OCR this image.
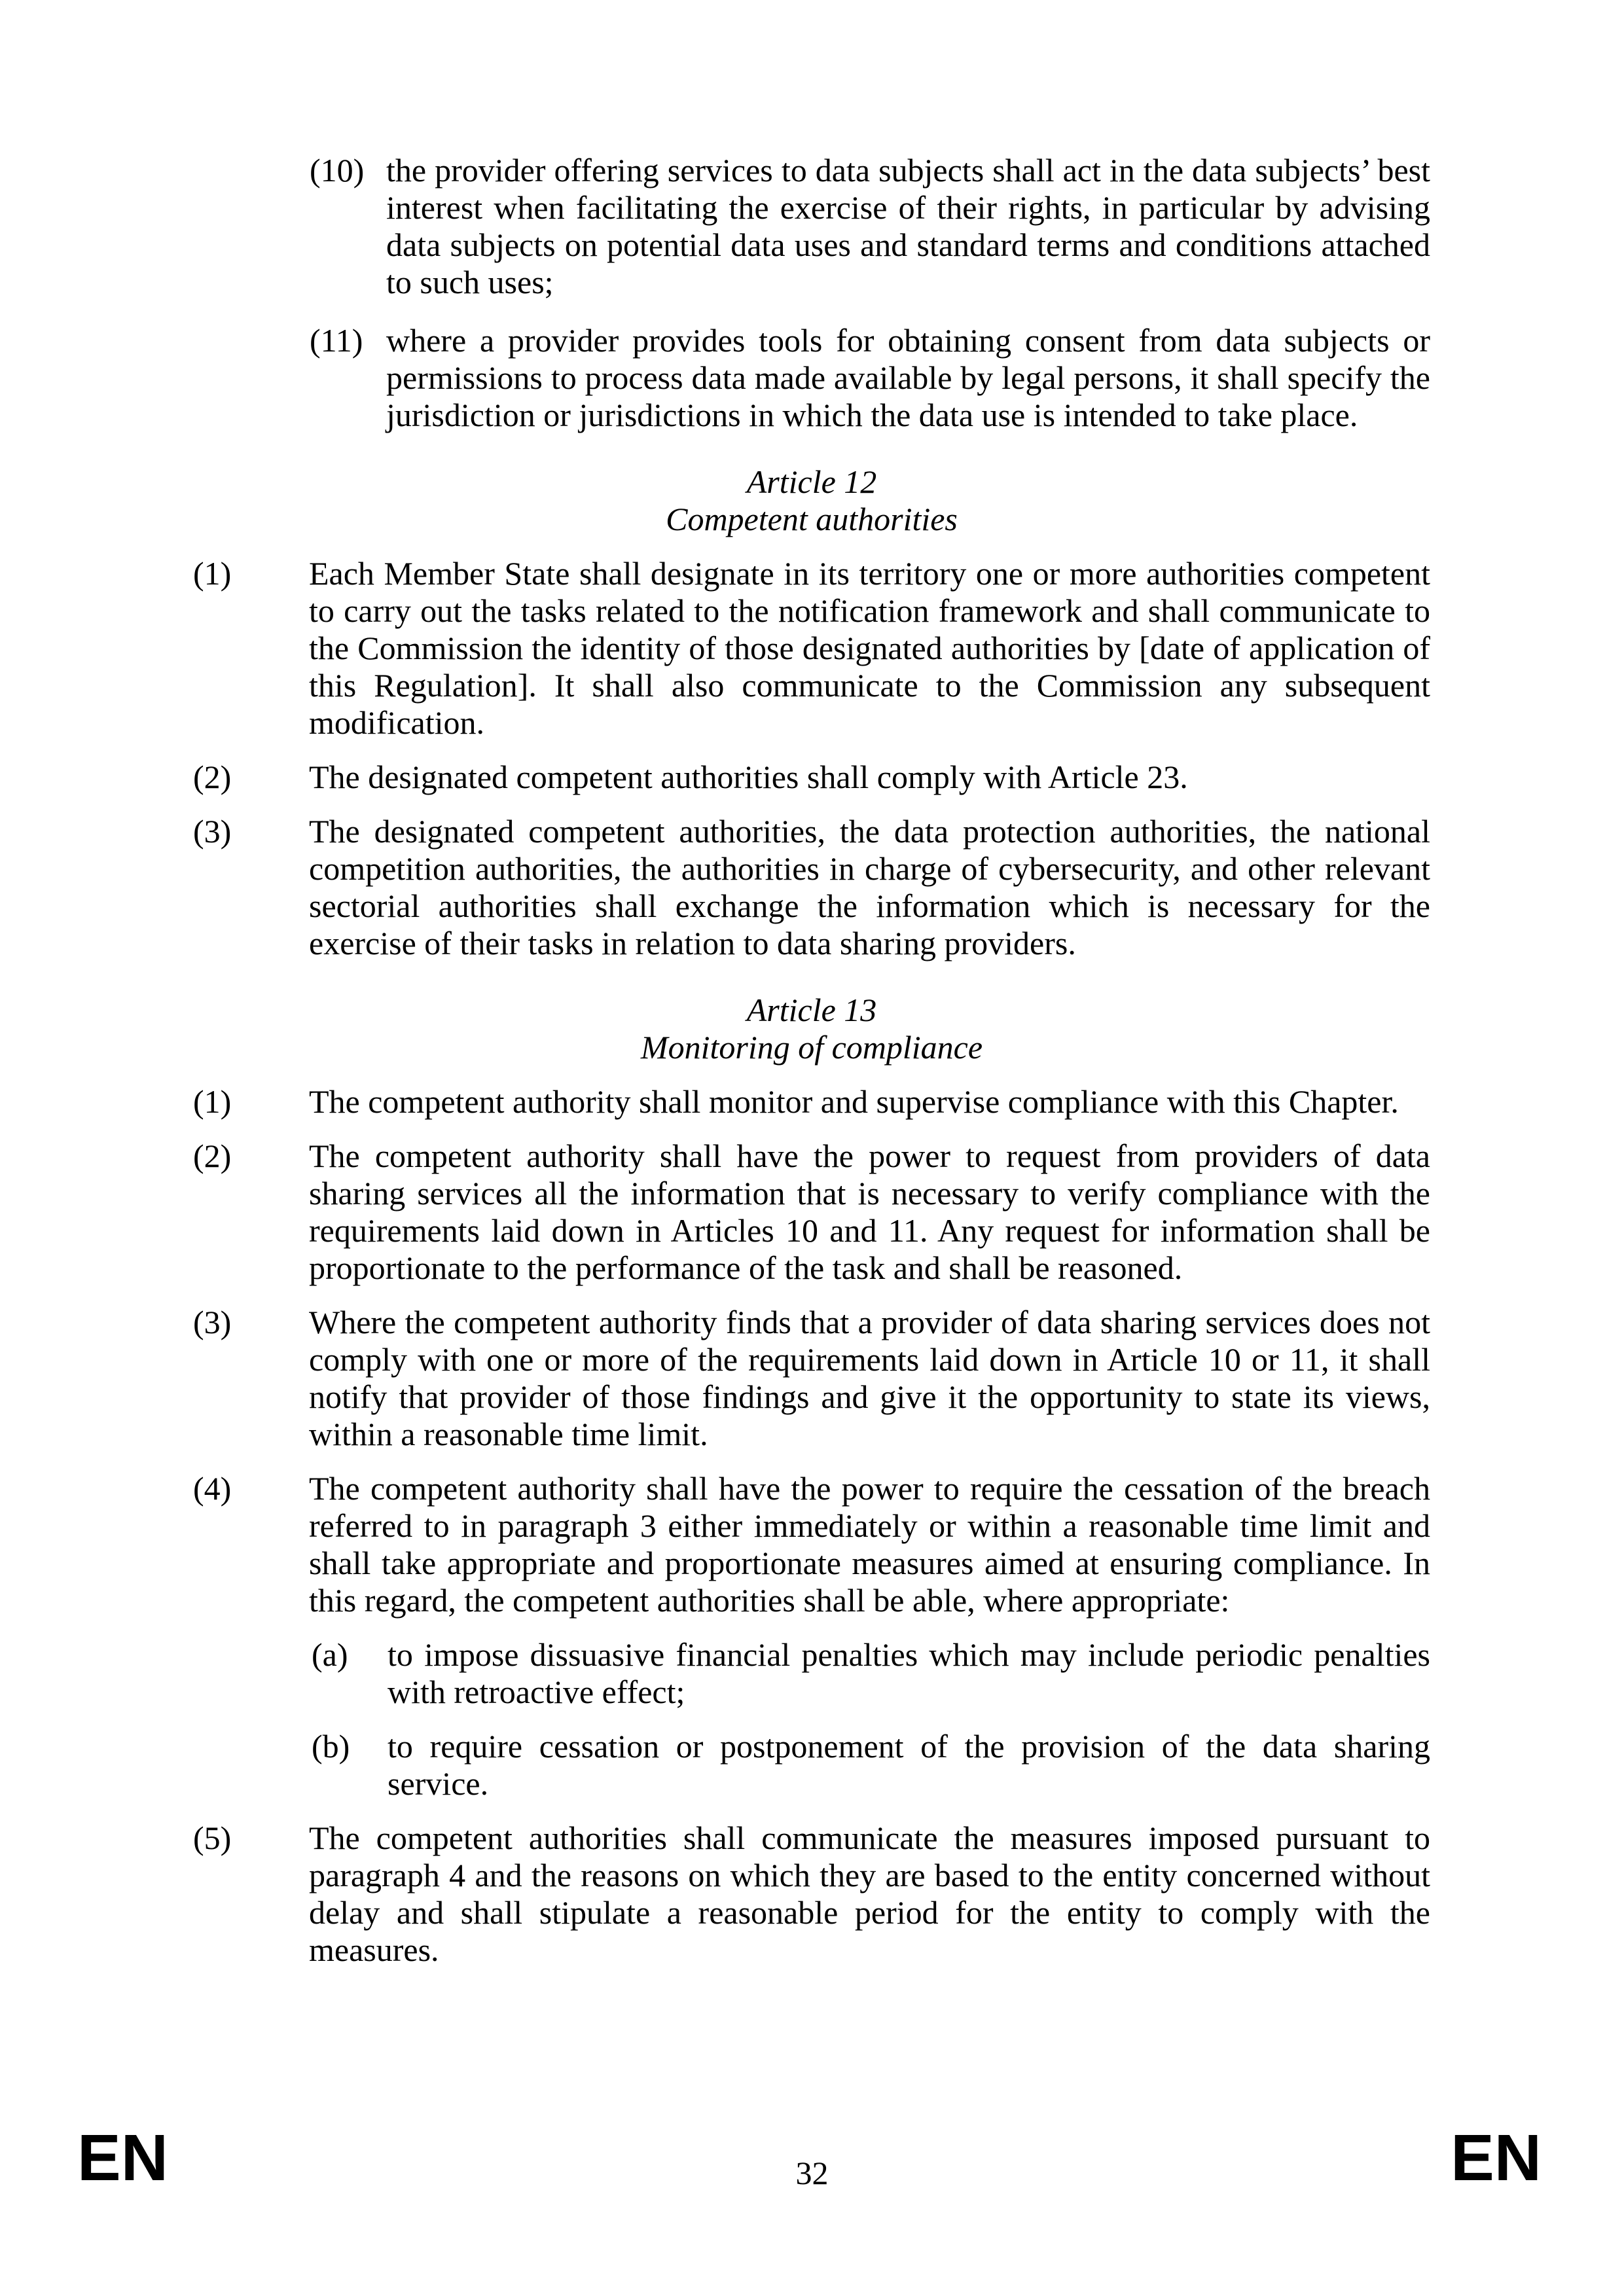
(10) the provider offering services to data subjects shall act in the data subjects’ best interest when facilitating the exercise of their rights, in particular by advising data subjects on potential data uses and standard terms and conditions attached to such uses;
(11) where a provider provides tools for obtaining consent from data subjects or permissions to process data made available by legal persons, it shall specify the jurisdiction or jurisdictions in which the data use is intended to take place.
Article 12
Competent authorities
(1) Each Member State shall designate in its territory one or more authorities competent to carry out the tasks related to the notification framework and shall communicate to the Commission the identity of those designated authorities by [date of application of this Regulation]. It shall also communicate to the Commission any subsequent modification.
(2) The designated competent authorities shall comply with Article 23.
(3) The designated competent authorities, the data protection authorities, the national competition authorities, the authorities in charge of cybersecurity, and other relevant sectorial authorities shall exchange the information which is necessary for the exercise of their tasks in relation to data sharing providers.
Article 13
Monitoring of compliance
(1) The competent authority shall monitor and supervise compliance with this Chapter.
(2) The competent authority shall have the power to request from providers of data sharing services all the information that is necessary to verify compliance with the requirements laid down in Articles 10 and 11. Any request for information shall be proportionate to the performance of the task and shall be reasoned.
(3) Where the competent authority finds that a provider of data sharing services does not comply with one or more of the requirements laid down in Article 10 or 11, it shall notify that provider of those findings and give it the opportunity to state its views, within a reasonable time limit.
(4) The competent authority shall have the power to require the cessation of the breach referred to in paragraph 3 either immediately or within a reasonable time limit and shall take appropriate and proportionate measures aimed at ensuring compliance. In this regard, the competent authorities shall be able, where appropriate:
(a) to impose dissuasive financial penalties which may include periodic penalties with retroactive effect;
(b) to require cessation or postponement of the provision of the data sharing service.
(5) The competent authorities shall communicate the measures imposed pursuant to paragraph 4 and the reasons on which they are based to the entity concerned without delay and shall stipulate a reasonable period for the entity to comply with the measures.
EN	32	EN
